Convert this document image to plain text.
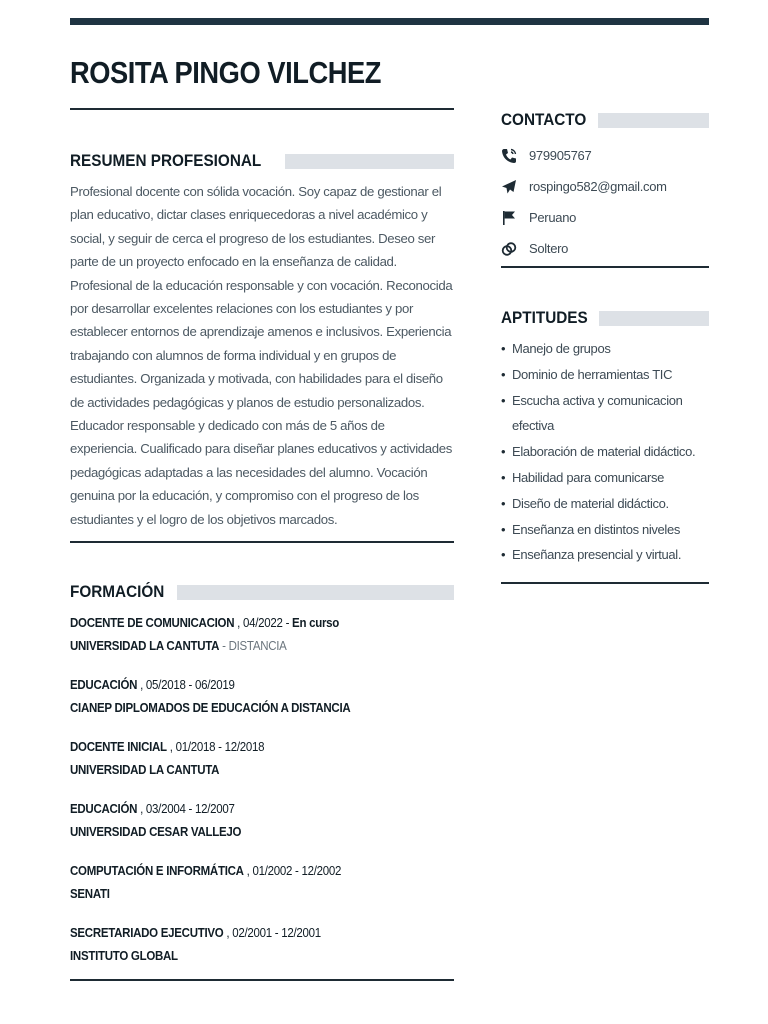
ROSITA PINGO VILCHEZ
RESUMEN PROFESIONAL

Profesional docente con sólida vocación. Soy capaz de gestionar el plan educativo, dictar clases enriquecedoras a nivel académico y social, y seguir de cerca el progreso de los estudiantes. Deseo ser parte de un proyecto enfocado en la enseñanza de calidad. Profesional de la educación responsable y con vocación. Reconocida por desarrollar excelentes relaciones con los estudiantes y por establecer entornos de aprendizaje amenos e inclusivos. Experiencia trabajando con alumnos de forma individual y en grupos de estudiantes. Organizada y motivada, con habilidades para el diseño de actividades pedagógicas y planos de estudio personalizados. Educador responsable y dedicado con más de 5 años de experiencia. Cualificado para diseñar planes educativos y actividades pedagógicas adaptadas a las necesidades del alumno. Vocación genuina por la educación, y compromiso con el progreso de los estudiantes y el logro de los objetivos marcados.

FORMACIÓN
DOCENTE DE COMUNICACION , 04/2022 - En curso
UNIVERSIDAD LA CANTUTA - DISTANCIA
EDUCACIÓN , 05/2018 - 06/2019
CIANEP DIPLOMADOS DE EDUCACIÓN A DISTANCIA
DOCENTE INICIAL , 01/2018 - 12/2018
UNIVERSIDAD LA CANTUTA
EDUCACIÓN , 03/2004 - 12/2007
UNIVERSIDAD CESAR VALLEJO
COMPUTACIÓN E INFORMÁTICA , 01/2002 - 12/2002
SENATI
SECRETARIADO EJECUTIVO , 02/2001 - 12/2001
INSTITUTO GLOBAL
CONTACTO
979905767
rospingo582@gmail.com
Peruano
Soltero
APTITUDES
• Manejo de grupos
• Dominio de herramientas TIC
• Escucha activa y comunicacion
efectiva
• Elaboración de material didáctico.
• Habilidad para comunicarse
• Diseño de material didáctico.
• Enseñanza en distintos niveles
• Enseñanza presencial y virtual.
